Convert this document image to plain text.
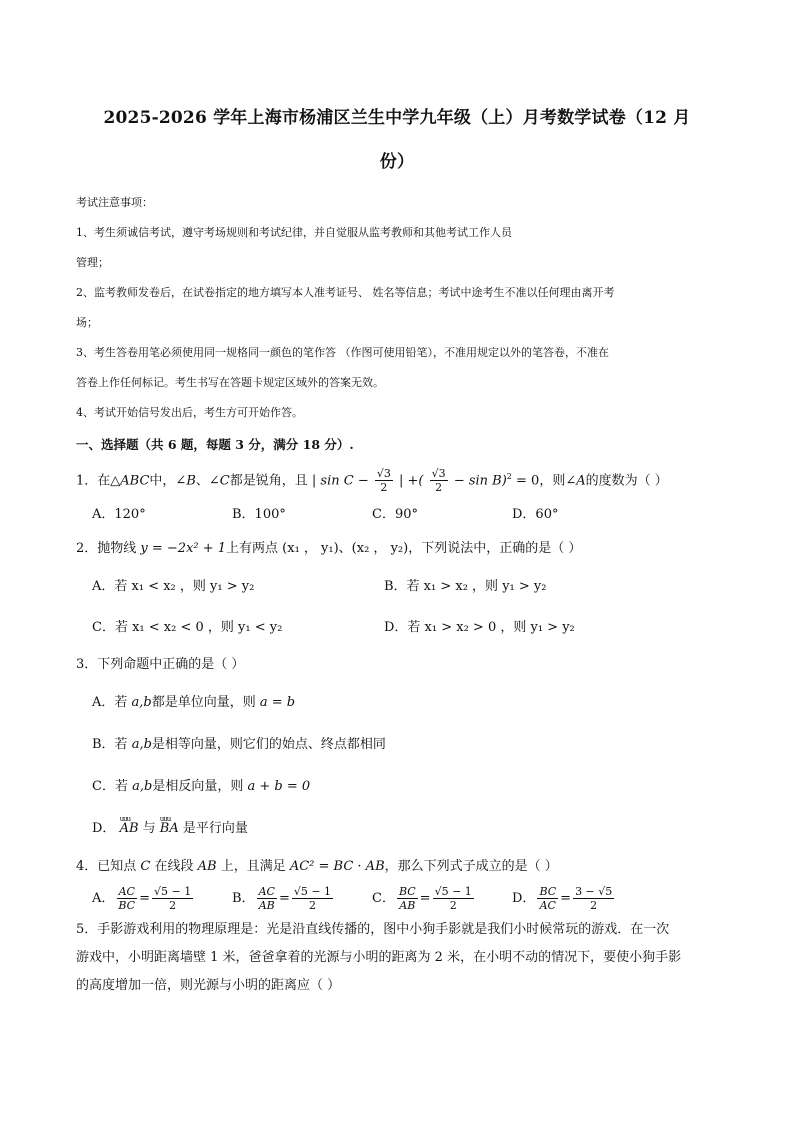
2025-2026 学年上海市杨浦区兰生中学九年级（上）月考数学试卷（12 月
份）
考试注意事项：
1、考生须诚信考试，遵守考场规则和考试纪律，并自觉服从监考教师和其他考试工作人员
管理；
2、监考教师发卷后，在试卷指定的地方填写本人准考证号、 姓名等信息；考试中途考生不准以任何理由离开考
场；
3、考生答卷用笔必须使用同一规格同一颜色的笔作答 （作图可使用铅笔），不准用规定以外的笔答卷，不准在
答卷上作任何标记。考生书写在答题卡规定区域外的答案无效。
4、考试开始信号发出后，考生方可开始作答。
一、选择题（共 6 题，每题 3 分，满分 18 分）.
1．在△ABC中，∠B、∠C都是锐角，且 | $\sin C - \frac{√3}{2}$ | +( $\frac{√3}{2} - \sin B)^2 = 0$，则∠A的度数为（ ）
A．120°	B．100°	C．90°	D．60°
2．抛物线 y = −2x² + 1上有两点 (x₁ ， y₁)、(x₂ ， y₂)，下列说法中，正确的是（ ）
A．若 x₁ < x₂ ，则 y₁ > y₂	B．若 x₁ > x₂ ，则 y₁ > y₂
C．若 x₁ < x₂ < 0 ，则 y₁ < y₂	D．若 x₁ > x₂ > 0 ，则 y₁ > y₂
3．下列命题中正确的是（ ）
A．若 a,b都是单位向量，则 a = b
B．若 a,b是相等向量，则它们的始点、终点都相同
C．若 a,b是相反向量，则 a + b = 0
D． uuu AB 与 uuu BA 是平行向量
4．已知点 C 在线段 AB 上，且满足 AC² = BC · AB，那么下列式子成立的是（ ）
A． $\frac{AC}{BC} = \frac{√5 - 1}{2}$	B． $\frac{AC}{AB} = \frac{√5 - 1}{2}$	C． $\frac{BC}{AB} = \frac{√5 - 1}{2}$	D． $\frac{BC}{AC} = \frac{3 - √5}{2}$
5．手影游戏利用的物理原理是：光是沿直线传播的，图中小狗手影就是我们小时候常玩的游戏．在一次
游戏中，小明距离墙壁 1 米，爸爸拿着的光源与小明的距离为 2 米，在小明不动的情况下，要使小狗手影
的高度增加一倍，则光源与小明的距离应（ ）
